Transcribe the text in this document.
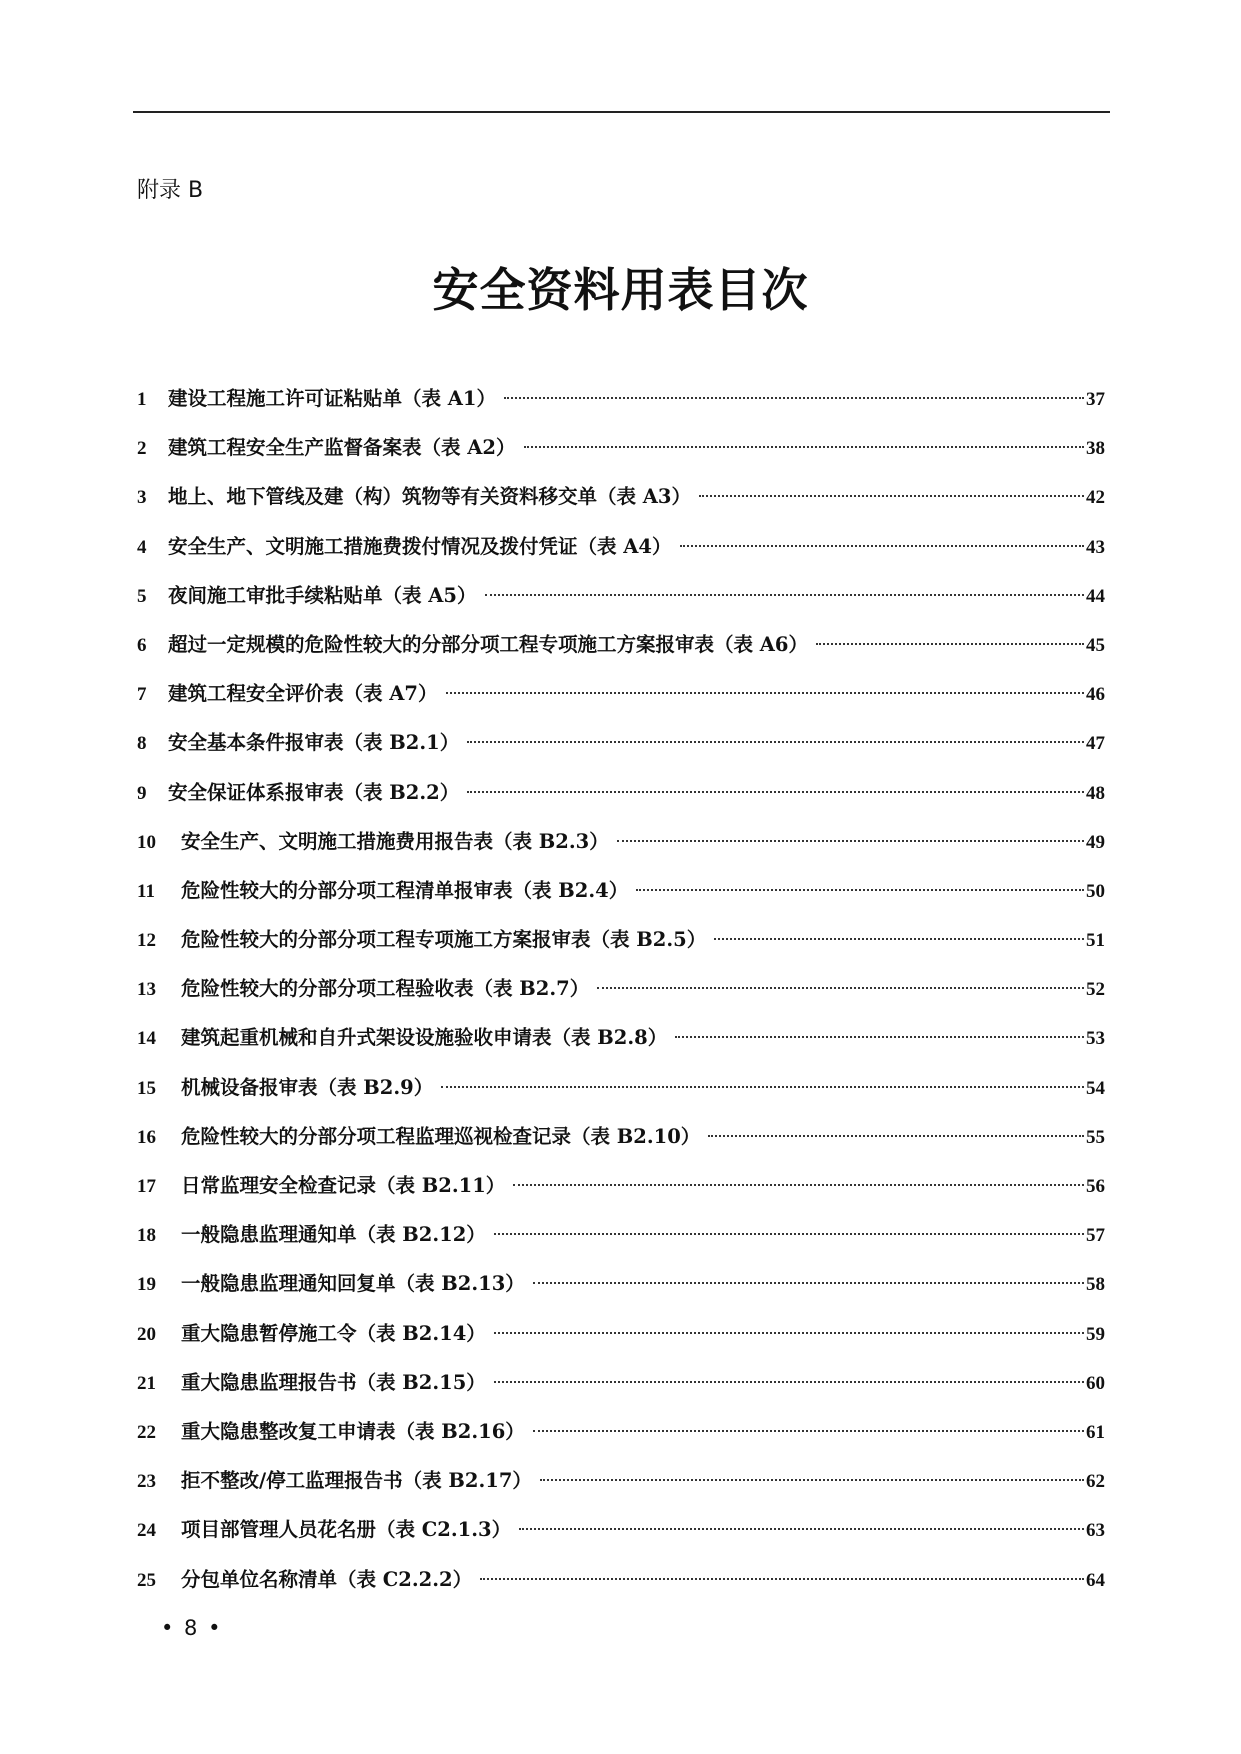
附录 B
安全资料用表目次
1	建设工程施工许可证粘贴单（表 A1）	37
2	建筑工程安全生产监督备案表（表 A2）	38
3	地上、地下管线及建（构）筑物等有关资料移交单（表 A3）	42
4	安全生产、文明施工措施费拨付情况及拨付凭证（表 A4）	43
5	夜间施工审批手续粘贴单（表 A5）	44
6	超过一定规模的危险性较大的分部分项工程专项施工方案报审表（表 A6）	45
7	建筑工程安全评价表（表 A7）	46
8	安全基本条件报审表（表 B2.1）	47
9	安全保证体系报审表（表 B2.2）	48
10	安全生产、文明施工措施费用报告表（表 B2.3）	49
11	危险性较大的分部分项工程清单报审表（表 B2.4）	50
12	危险性较大的分部分项工程专项施工方案报审表（表 B2.5）	51
13	危险性较大的分部分项工程验收表（表 B2.7）	52
14	建筑起重机械和自升式架设设施验收申请表（表 B2.8）	53
15	机械设备报审表（表 B2.9）	54
16	危险性较大的分部分项工程监理巡视检查记录（表 B2.10）	55
17	日常监理安全检查记录（表 B2.11）	56
18	一般隐患监理通知单（表 B2.12）	57
19	一般隐患监理通知回复单（表 B2.13）	58
20	重大隐患暂停施工令（表 B2.14）	59
21	重大隐患监理报告书（表 B2.15）	60
22	重大隐患整改复工申请表（表 B2.16）	61
23	拒不整改/停工监理报告书（表 B2.17）	62
24	项目部管理人员花名册（表 C2.1.3）	63
25	分包单位名称清单（表 C2.2.2）	64
• 8 •
